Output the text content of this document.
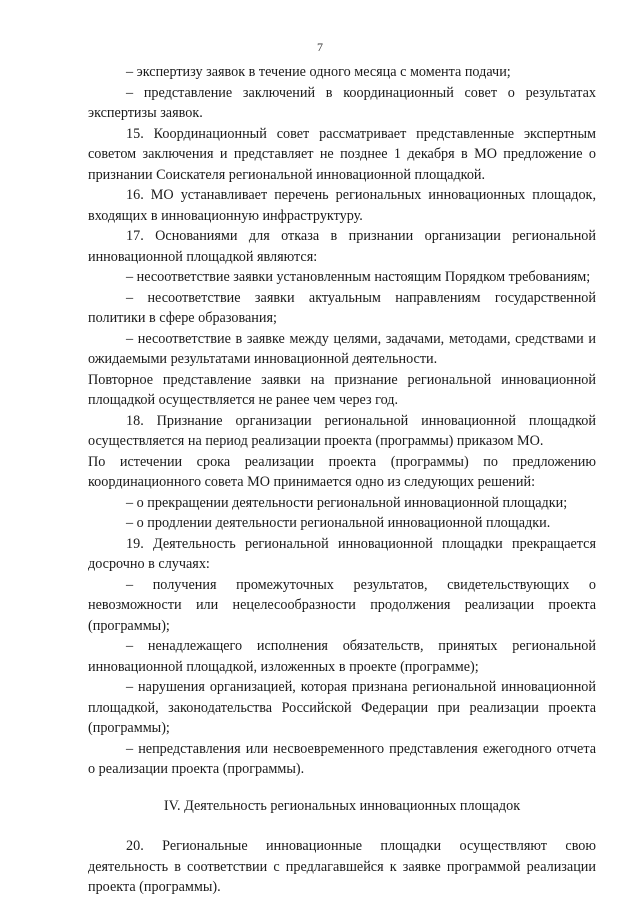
7

– экспертизу заявок в течение одного месяца с момента подачи;

– представление заключений в координационный совет о результатах экспертизы заявок.

15. Координационный совет рассматривает представленные экспертным советом заключения и представляет не позднее 1 декабря в МО предложение о признании Соискателя региональной инновационной площадкой.

16. МО устанавливает перечень региональных инновационных площадок, входящих в инновационную инфраструктуру.

17. Основаниями для отказа в признании организации региональной инновационной площадкой являются:

– несоответствие заявки установленным настоящим Порядком требованиям;

– несоответствие заявки актуальным направлениям государственной политики в сфере образования;

– несоответствие в заявке между целями, задачами, методами, средствами и ожидаемыми результатами инновационной деятельности.

Повторное представление заявки на признание региональной инновационной площадкой осуществляется не ранее чем через год.

18. Признание организации региональной инновационной площадкой осуществляется на период реализации проекта (программы) приказом МО.

По истечении срока реализации проекта (программы) по предложению координационного совета МО принимается одно из следующих решений:

– о прекращении деятельности региональной инновационной площадки;

– о продлении деятельности региональной инновационной площадки.

19. Деятельность региональной инновационной площадки прекращается досрочно в случаях:

– получения промежуточных результатов, свидетельствующих о невозможности или нецелесообразности продолжения реализации проекта (программы);

– ненадлежащего исполнения обязательств, принятых региональной инновационной площадкой, изложенных в проекте (программе);

– нарушения организацией, которая признана региональной инновационной площадкой, законодательства Российской Федерации при реализации проекта (программы);

– непредставления или несвоевременного представления ежегодного отчета о реализации проекта (программы).

IV. Деятельность региональных инновационных площадок

20. Региональные инновационные площадки осуществляют свою деятельность в соответствии с предлагавшейся к заявке программой реализации проекта (программы).
